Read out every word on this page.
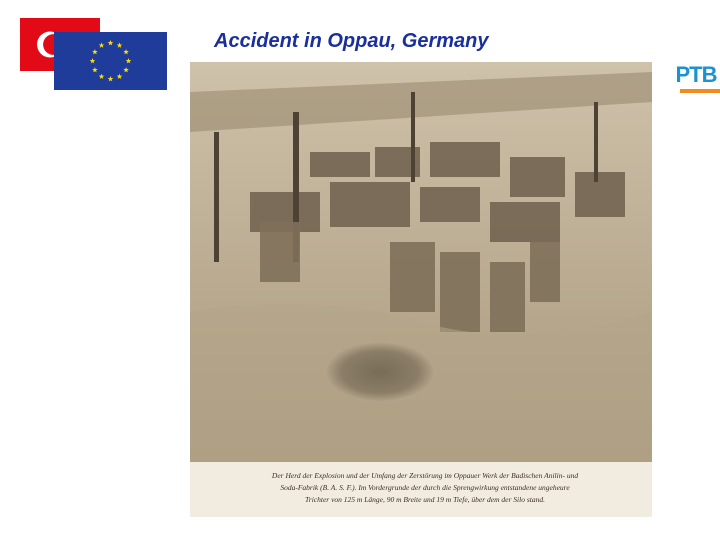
Accident in Oppau, Germany
PTB
Der Herd der Explosion und der Umfang der Zerstörung im Oppauer Werk der Badischen Anilin- und
Soda-Fabrik (B. A. S. F.). Im Vordergrunde der durch die Sprengwirkung entstandene ungeheure
Trichter von 125 m Länge, 90 m Breite und 19 m Tiefe, über dem der Silo stand.
